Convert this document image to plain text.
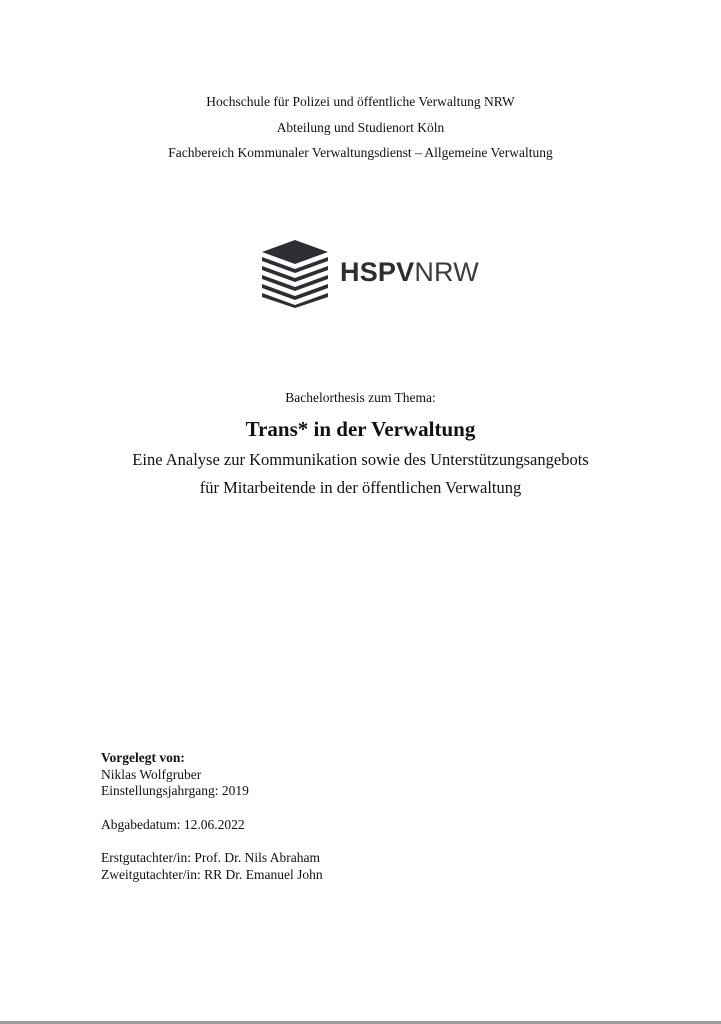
Hochschule für Polizei und öffentliche Verwaltung NRW
Abteilung und Studienort Köln
Fachbereich Kommunaler Verwaltungsdienst – Allgemeine Verwaltung
HSPVNRW
Bachelorthesis zum Thema:
Trans* in der Verwaltung
Eine Analyse zur Kommunikation sowie des Unterstützungsangebots
für Mitarbeitende in der öffentlichen Verwaltung
Vorgelegt von:
Niklas Wolfgruber
Einstellungsjahrgang: 2019
Abgabedatum: 12.06.2022
Erstgutachter/in: Prof. Dr. Nils Abraham
Zweitgutachter/in: RR Dr. Emanuel John
